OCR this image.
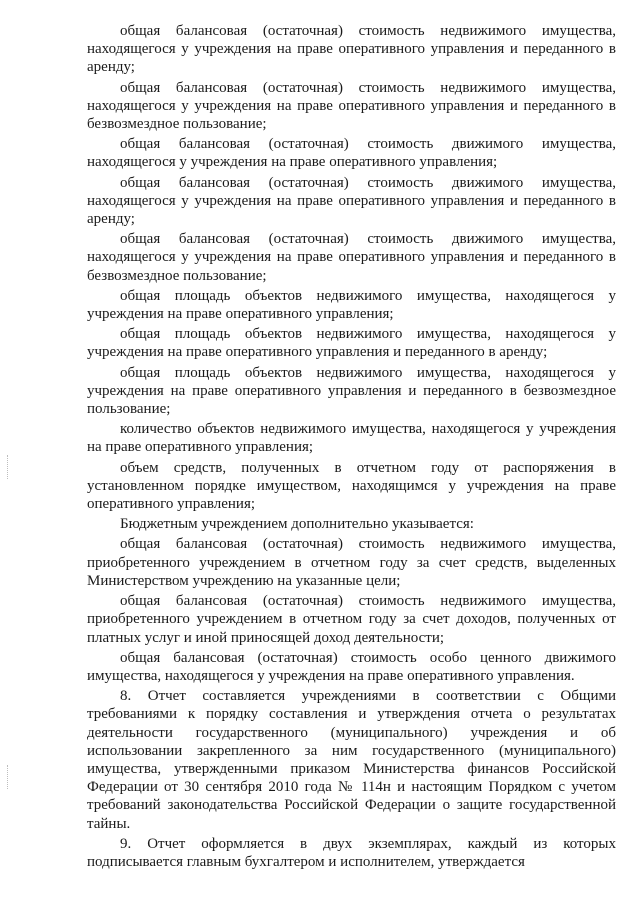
общая балансовая (остаточная) стоимость недвижимого имущества, находящегося у учреждения на праве оперативного управления и переданного в аренду;

общая балансовая (остаточная) стоимость недвижимого имущества, находящегося у учреждения на праве оперативного управления и переданного в безвозмездное пользование;

общая балансовая (остаточная) стоимость движимого имущества, находящегося у учреждения на праве оперативного управления;

общая балансовая (остаточная) стоимость движимого имущества, находящегося у учреждения на праве оперативного управления и переданного в аренду;

общая балансовая (остаточная) стоимость движимого имущества, находящегося у учреждения на праве оперативного управления и переданного в безвозмездное пользование;

общая площадь объектов недвижимого имущества, находящегося у учреждения на праве оперативного управления;

общая площадь объектов недвижимого имущества, находящегося у учреждения на праве оперативного управления и переданного в аренду;

общая площадь объектов недвижимого имущества, находящегося у учреждения на праве оперативного управления и переданного в безвозмездное пользование;

количество объектов недвижимого имущества, находящегося у учреждения на праве оперативного управления;

объем средств, полученных в отчетном году от распоряжения в установленном порядке имуществом, находящимся у учреждения на праве оперативного управления;

Бюджетным учреждением дополнительно указывается:

общая балансовая (остаточная) стоимость недвижимого имущества, приобретенного учреждением в отчетном году за счет средств, выделенных Министерством учреждению на указанные цели;

общая балансовая (остаточная) стоимость недвижимого имущества, приобретенного учреждением в отчетном году за счет доходов, полученных от платных услуг и иной приносящей доход деятельности;

общая балансовая (остаточная) стоимость особо ценного движимого имущества, находящегося у учреждения на праве оперативного управления.

8. Отчет составляется учреждениями в соответствии с Общими требованиями к порядку составления и утверждения отчета о результатах деятельности государственного (муниципального) учреждения и об использовании закрепленного за ним государственного (муниципального) имущества, утвержденными приказом Министерства финансов Российской Федерации от 30 сентября 2010 года № 114н и настоящим Порядком с учетом требований законодательства Российской Федерации о защите государственной тайны.

9. Отчет оформляется в двух экземплярах, каждый из которых подписывается главным бухгалтером и исполнителем, утверждается
